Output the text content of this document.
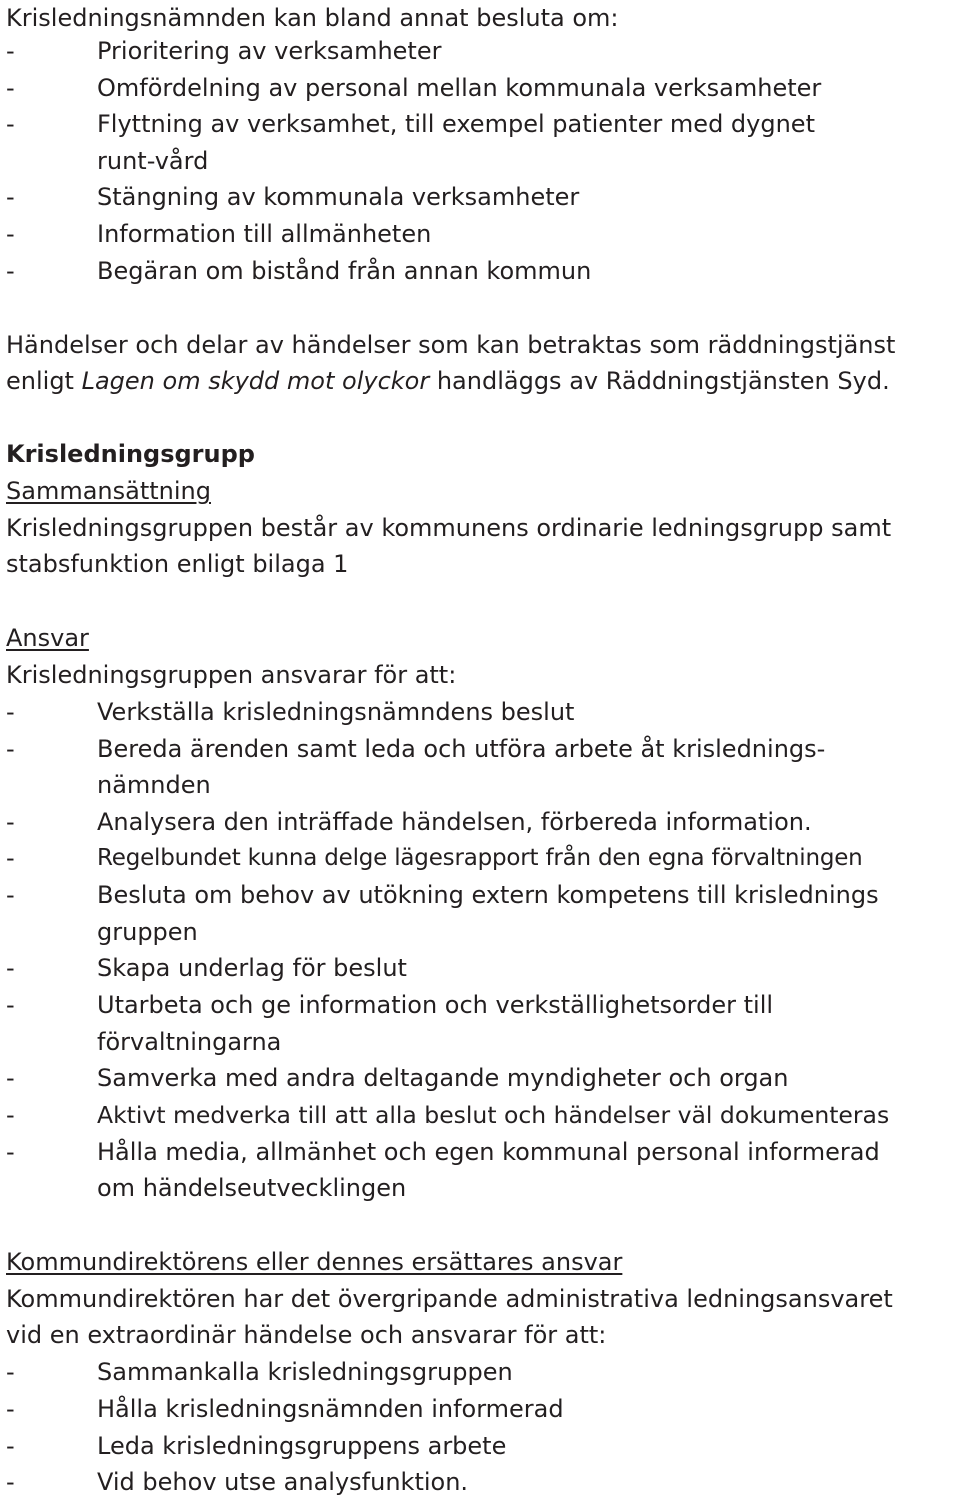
Krisledningsnämnden kan bland annat besluta om:
-	Prioritering av verksamheter
-	Omfördelning av personal mellan kommunala verksamheter
-	Flyttning av verksamhet, till exempel patienter med dygnet
runt-vård
-	Stängning av kommunala verksamheter
-	Information till allmänheten
-	Begäran om bistånd från annan kommun
Händelser och delar av händelser som kan betraktas som räddningstjänst
enligt Lagen om skydd mot olyckor handläggs av Räddningstjänsten Syd.
Krisledningsgrupp
Sammansättning
Krisledningsgruppen består av kommunens ordinarie ledningsgrupp samt
stabsfunktion enligt bilaga 1
Ansvar
Krisledningsgruppen ansvarar för att:
-	Verkställa krisledningsnämndens beslut
-	Bereda ärenden samt leda och utföra arbete åt krislednings-
nämnden
-	Analysera den inträffade händelsen, förbereda information.
-	Regelbundet kunna delge lägesrapport från den egna förvaltningen
-	Besluta om behov av utökning extern kompetens till krislednings
gruppen
-	Skapa underlag för beslut
-	Utarbeta och ge information och verkställighetsorder till
förvaltningarna
-	Samverka med andra deltagande myndigheter och organ
-	Aktivt medverka till att alla beslut och händelser väl dokumenteras
-	Hålla media, allmänhet och egen kommunal personal informerad
om händelseutvecklingen
Kommundirektörens eller dennes ersättares ansvar
Kommundirektören har det övergripande administrativa ledningsansvaret
vid en extraordinär händelse och ansvarar för att:
-	Sammankalla krisledningsgruppen
-	Hålla krisledningsnämnden informerad
-	Leda krisledningsgruppens arbete
-	Vid behov utse analysfunktion.
